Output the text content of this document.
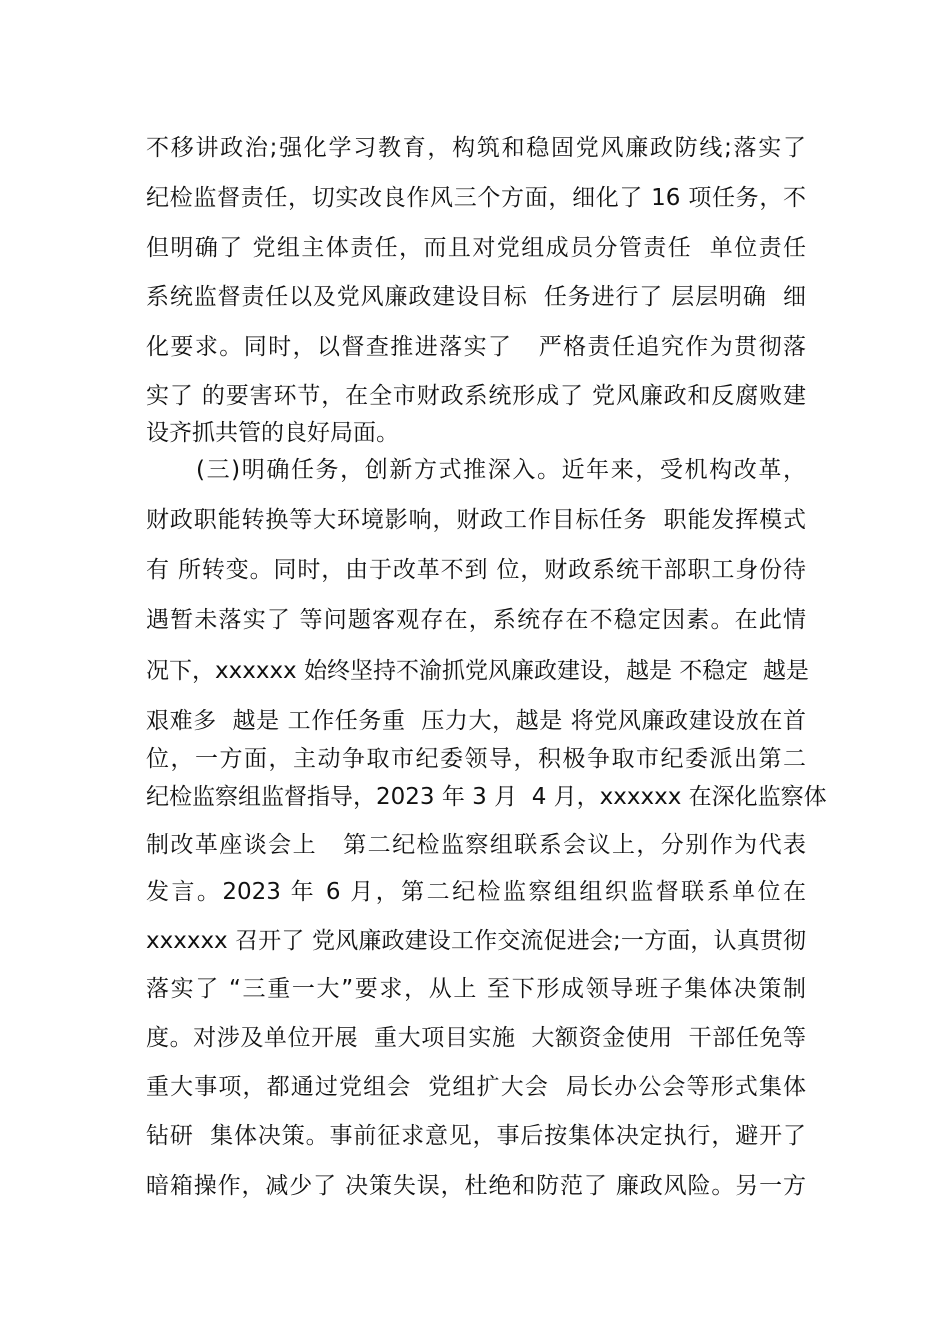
不移讲政治;强化学习教育，构筑和稳固党风廉政防线;落实了
纪检监督责任，切实改良作风三个方面，细化了 16 项任务，不
但明确了 党组主体责任，而且对党组成员分管责任  单位责任
系统监督责任以及党风廉政建设目标  任务进行了 层层明确  细
化要求。同时，以督查推进落实了   严格责任追究作为贯彻落
实了 的要害环节，在全市财政系统形成了 党风廉政和反腐败建
设齐抓共管的良好局面。
(三)明确任务，创新方式推深入。近年来，受机构改革，
财政职能转换等大环境影响，财政工作目标任务  职能发挥模式
有 所转变。同时，由于改革不到 位，财政系统干部职工身份待
遇暂未落实了 等问题客观存在，系统存在不稳定因素。在此情
况下，xxxxxx 始终坚持不渝抓党风廉政建设，越是 不稳定  越是
艰难多  越是 工作任务重  压力大，越是 将党风廉政建设放在首
位，一方面，主动争取市纪委领导，积极争取市纪委派出第二
纪检监察组监督指导，2023 年 3 月  4 月，xxxxxx 在深化监察体
制改革座谈会上   第二纪检监察组联系会议上，分别作为代表
发言。2023 年 6 月，第二纪检监察组组织监督联系单位在
xxxxxx 召开了 党风廉政建设工作交流促进会;一方面，认真贯彻
落实了 “三重一大”要求，从上 至下形成领导班子集体决策制
度。对涉及单位开展  重大项目实施  大额资金使用  干部任免等
重大事项，都通过党组会  党组扩大会  局长办公会等形式集体
钻研  集体决策。事前征求意见，事后按集体决定执行，避开了
暗箱操作，减少了 决策失误，杜绝和防范了 廉政风险。另一方
